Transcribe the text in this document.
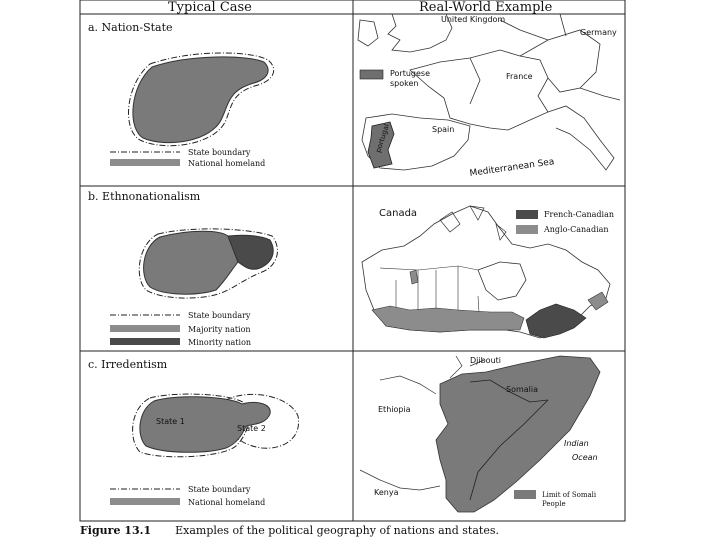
Typical Case	Real-World Example
a. Nation-State
State boundary
National homeland
United Kingdom
Germany
France
Spain
portugal
Mediterranean Sea
Portugese spoken
b. Ethnonationalism
State boundary
Majority nation
Minority nation
Canada	French-Canadian
Anglo-Canadian
c. Irredentism
State 1
State 2
State boundary
National homeland
Djibouti
Somalia
Ethiopia
Indian
Ocean
Kenya	Limit of Somali People
Figure 13.1 Examples of the political geography of nations and states.
